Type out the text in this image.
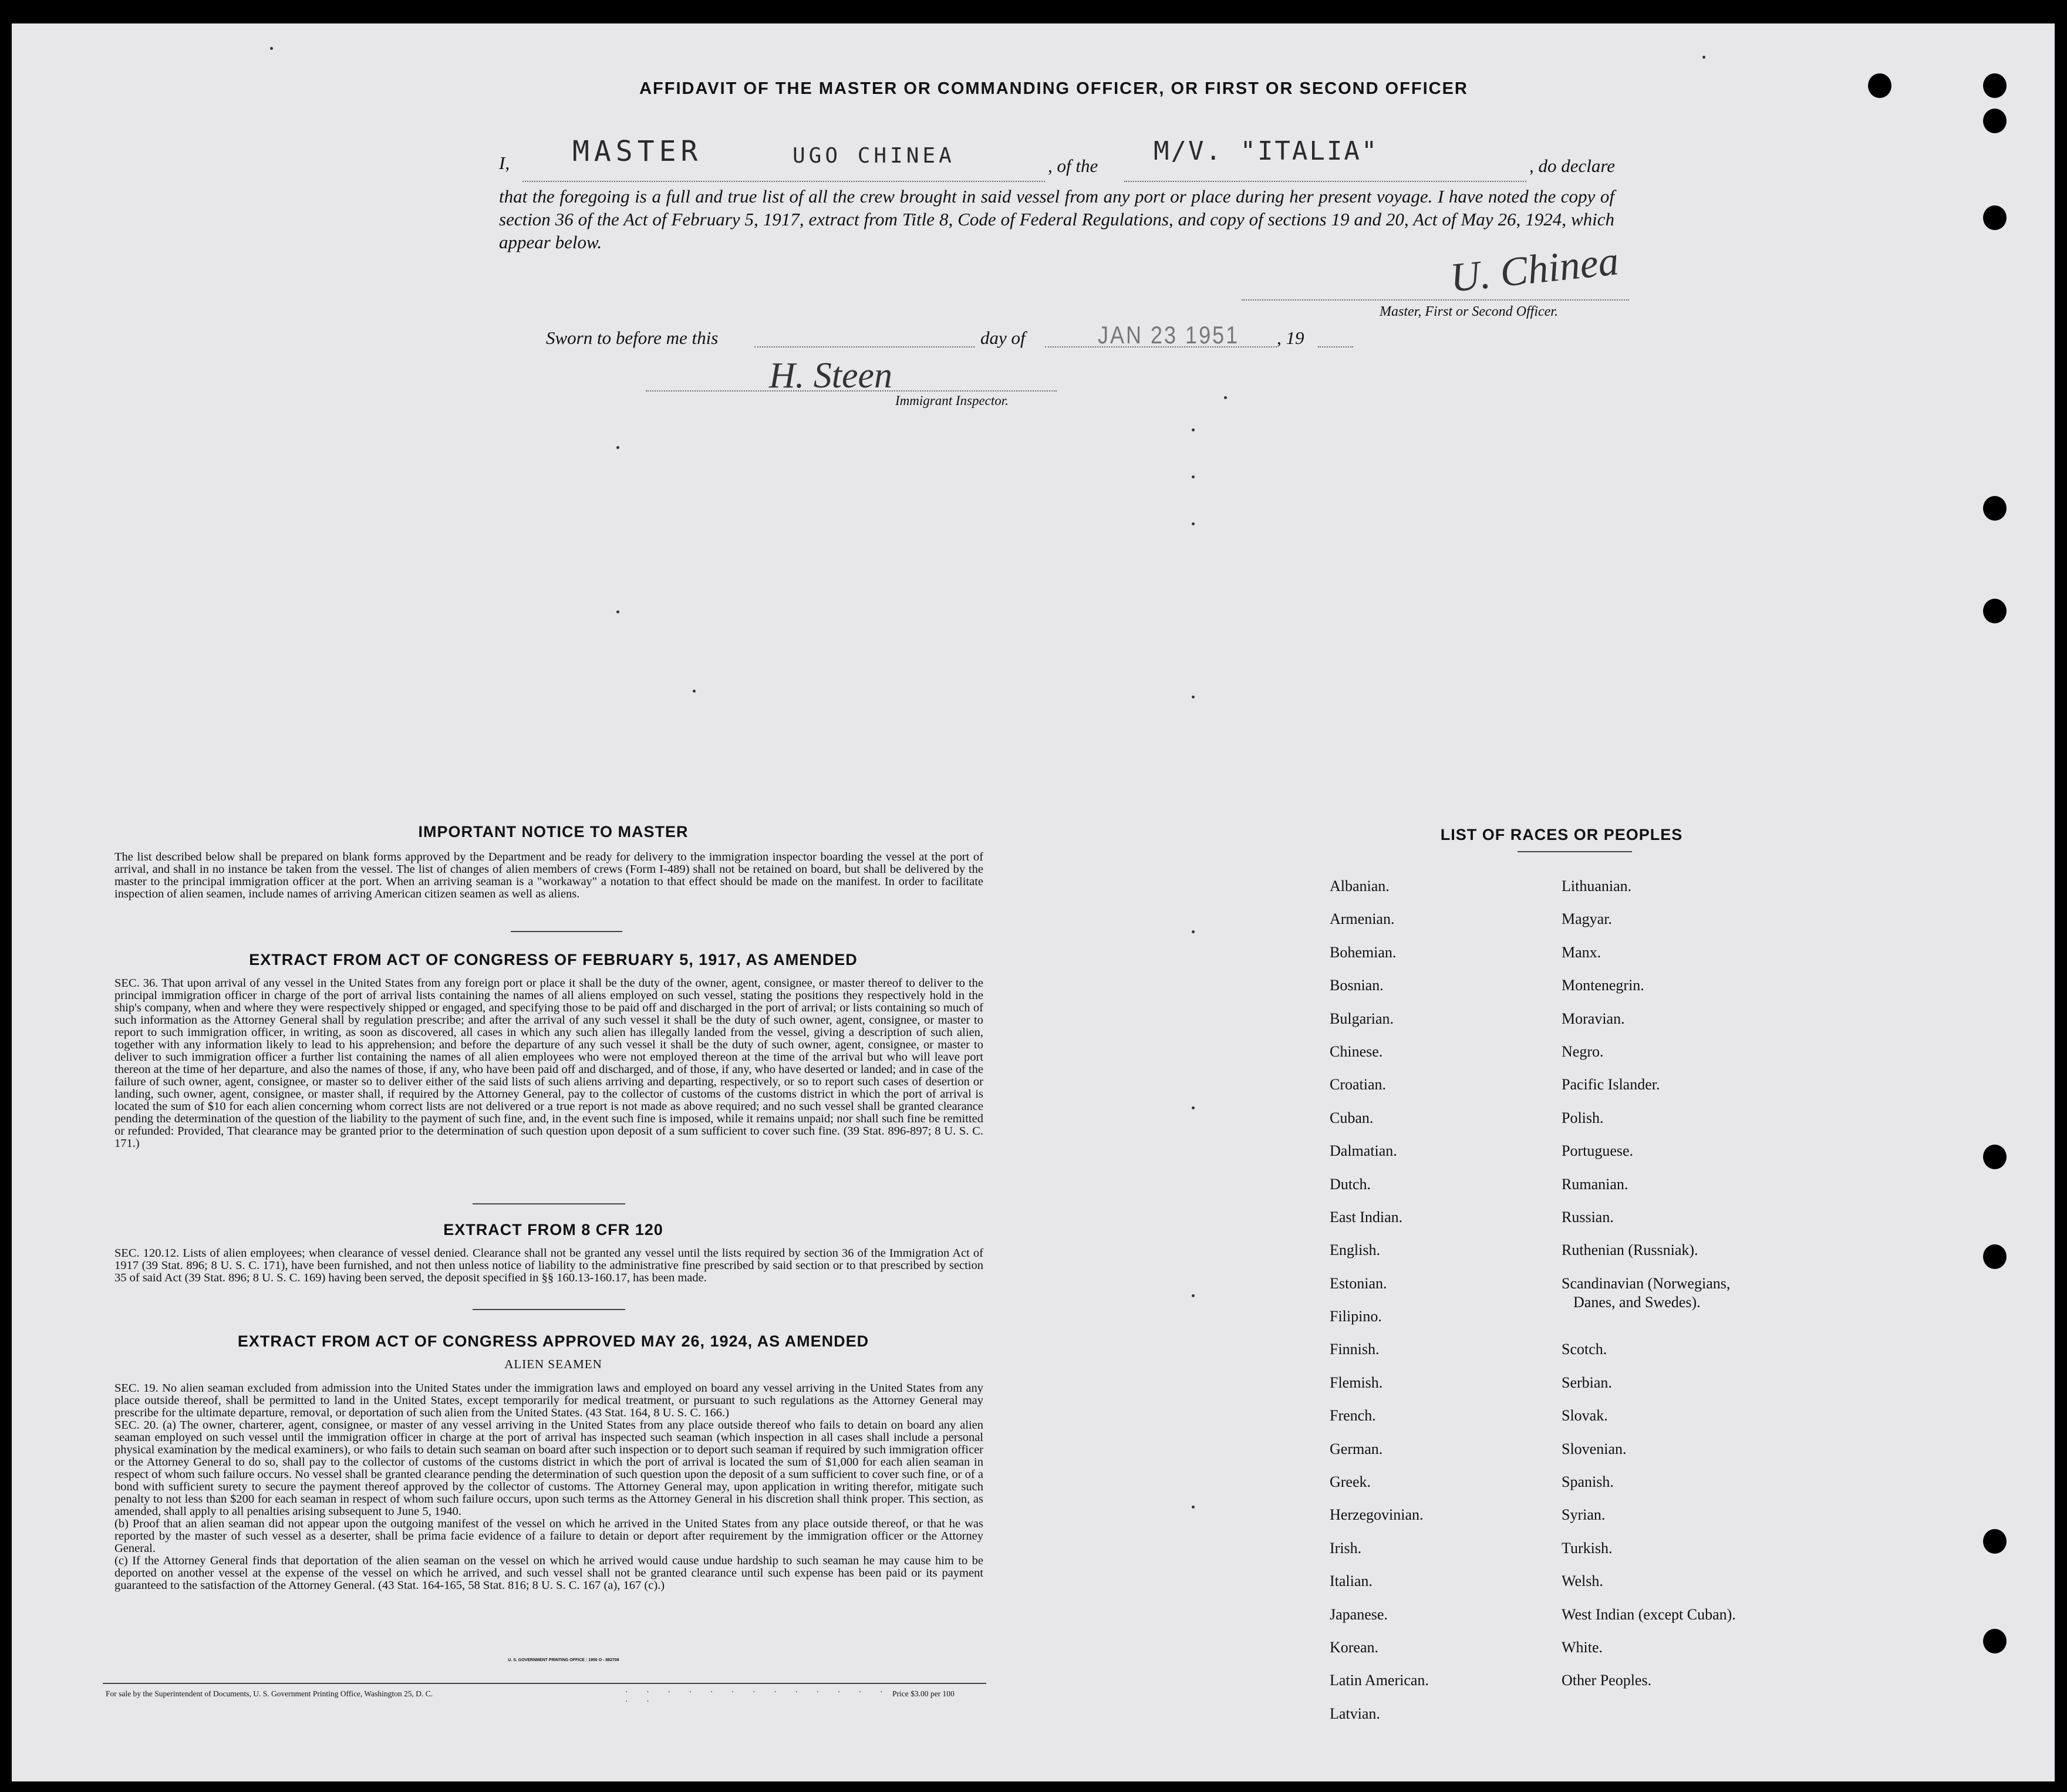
AFFIDAVIT OF THE MASTER OR COMMANDING OFFICER, OR FIRST OR SECOND OFFICER
I, MASTER	UGO CHINEA	, of the M/V. "ITALIA"	, do declare
that the foregoing is a full and true list of all the crew brought in said vessel from any port or place during her present voyage. I have noted the copy of section 36 of the Act of February 5, 1917, extract from Title 8, Code of Federal Regulations, and copy of sections 19 and 20, Act of May 26, 1924, which appear below.	U. Chinea
Master, First or Second Officer.
Sworn to before me this	day of	JAN 23 1951 , 19
H. Steen
Immigrant Inspector.
IMPORTANT NOTICE TO MASTER
The list described below shall be prepared on blank forms approved by the Department and be ready for delivery to the immigration inspector boarding the vessel at the port of arrival, and shall in no instance be taken from the vessel. The list of changes of alien members of crews (Form I-489) shall not be retained on board, but shall be delivered by the master to the principal immigration officer at the port. When an arriving seaman is a "workaway" a notation to that effect should be made on the manifest. In order to facilitate inspection of alien seamen, include names of arriving American citizen seamen as well as aliens.
EXTRACT FROM ACT OF CONGRESS OF FEBRUARY 5, 1917, AS AMENDED
SEC. 36. That upon arrival of any vessel in the United States from any foreign port or place it shall be the duty of the owner, agent, consignee, or master thereof to deliver to the principal immigration officer in charge of the port of arrival lists containing the names of all aliens employed on such vessel, stating the positions they respectively hold in the ship's company, when and where they were respectively shipped or engaged, and specifying those to be paid off and discharged in the port of arrival; or lists containing so much of such information as the Attorney General shall by regulation prescribe; and after the arrival of any such vessel it shall be the duty of such owner, agent, consignee, or master to report to such immigration officer, in writing, as soon as discovered, all cases in which any such alien has illegally landed from the vessel, giving a description of such alien, together with any information likely to lead to his apprehension; and before the departure of any such vessel it shall be the duty of such owner, agent, consignee, or master to deliver to such immigration officer a further list containing the names of all alien employees who were not employed thereon at the time of the arrival but who will leave port thereon at the time of her departure, and also the names of those, if any, who have been paid off and discharged, and of those, if any, who have deserted or landed; and in case of the failure of such owner, agent, consignee, or master so to deliver either of the said lists of such aliens arriving and departing, respectively, or so to report such cases of desertion or landing, such owner, agent, consignee, or master shall, if required by the Attorney General, pay to the collector of customs of the customs district in which the port of arrival is located the sum of $10 for each alien concerning whom correct lists are not delivered or a true report is not made as above required; and no such vessel shall be granted clearance pending the determination of the question of the liability to the payment of such fine, and, in the event such fine is imposed, while it remains unpaid; nor shall such fine be remitted or refunded: Provided, That clearance may be granted prior to the determination of such question upon deposit of a sum sufficient to cover such fine. (39 Stat. 896-897; 8 U. S. C. 171.)
EXTRACT FROM 8 CFR 120
SEC. 120.12. Lists of alien employees; when clearance of vessel denied. Clearance shall not be granted any vessel until the lists required by section 36 of the Immigration Act of 1917 (39 Stat. 896; 8 U. S. C. 171), have been furnished, and not then unless notice of liability to the administrative fine prescribed by said section or to that prescribed by section 35 of said Act (39 Stat. 896; 8 U. S. C. 169) having been served, the deposit specified in §§ 160.13-160.17, has been made.
EXTRACT FROM ACT OF CONGRESS APPROVED MAY 26, 1924, AS AMENDED
ALIEN SEAMEN
SEC. 19. No alien seaman excluded from admission into the United States under the immigration laws and employed on board any vessel arriving in the United States from any place outside thereof, shall be permitted to land in the United States, except temporarily for medical treatment, or pursuant to such regulations as the Attorney General may prescribe for the ultimate departure, removal, or deportation of such alien from the United States. (43 Stat. 164, 8 U. S. C. 166.)
SEC. 20. (a) The owner, charterer, agent, consignee, or master of any vessel arriving in the United States from any place outside thereof who fails to detain on board any alien seaman employed on such vessel until the immigration officer in charge at the port of arrival has inspected such seaman (which inspection in all cases shall include a personal physical examination by the medical examiners), or who fails to detain such seaman on board after such inspection or to deport such seaman if required by such immigration officer or the Attorney General to do so, shall pay to the collector of customs of the customs district in which the port of arrival is located the sum of $1,000 for each alien seaman in respect of whom such failure occurs. No vessel shall be granted clearance pending the determination of such question upon the deposit of a sum sufficient to cover such fine, or of a bond with sufficient surety to secure the payment thereof approved by the collector of customs. The Attorney General may, upon application in writing therefor, mitigate such penalty to not less than $200 for each seaman in respect of whom such failure occurs, upon such terms as the Attorney General in his discretion shall think proper. This section, as amended, shall apply to all penalties arising subsequent to June 5, 1940.
(b) Proof that an alien seaman did not appear upon the outgoing manifest of the vessel on which he arrived in the United States from any place outside thereof, or that he was reported by the master of such vessel as a deserter, shall be prima facie evidence of a failure to detain or deport after requirement by the immigration officer or the Attorney General.
(c) If the Attorney General finds that deportation of the alien seaman on the vessel on which he arrived would cause undue hardship to such seaman he may cause him to be deported on another vessel at the expense of the vessel on which he arrived, and such vessel shall not be granted clearance until such expense has been paid or its payment guaranteed to the satisfaction of the Attorney General. (43 Stat. 164-165, 58 Stat. 816; 8 U. S. C. 167 (a), 167 (c).)
U. S. GOVERNMENT PRINTING OFFICE : 1950 O - 882706
For sale by the Superintendent of Documents, U. S. Government Printing Office, Washington 25, D. C.	· · · · · · · · · · · · · · ·
Price $3.00 per 100
LIST OF RACES OR PEOPLES
Albanian.
Armenian.
Bohemian.
Bosnian.
Bulgarian.
Chinese.
Croatian.
Cuban.
Dalmatian.
Dutch.
East Indian.
English.
Estonian.
Filipino.
Finnish.
Flemish.
French.
German.
Greek.
Herzegovinian.
Irish.
Italian.
Japanese.
Korean.
Latin American.
Latvian.
Lithuanian.
Magyar.
Manx.
Montenegrin.
Moravian.
Negro.
Pacific Islander.
Polish.
Portuguese.
Rumanian.
Russian.
Ruthenian (Russniak).
Scandinavian (Norwegians,
Danes, and Swedes).
Scotch.
Serbian.
Slovak.
Slovenian.
Spanish.
Syrian.
Turkish.
Welsh.
West Indian (except Cuban).
White.
Other Peoples.
